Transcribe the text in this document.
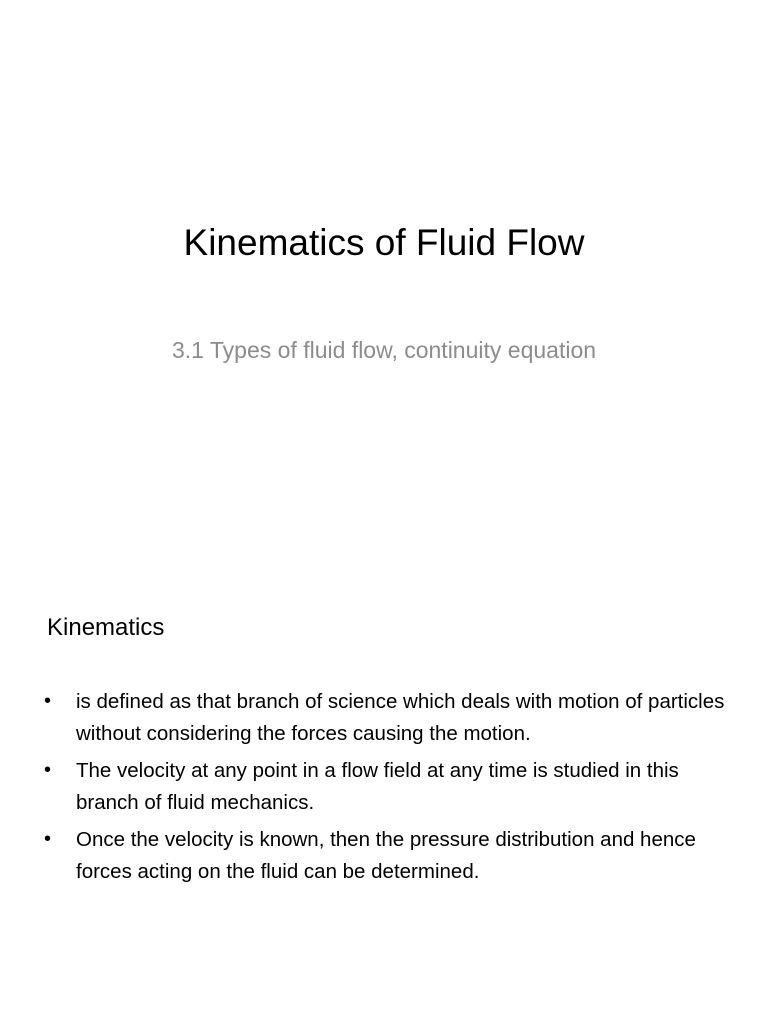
Kinematics of Fluid Flow
3.1 Types of fluid flow, continuity equation
Kinematics
• is defined as that branch of science which deals with motion of particles without considering the forces causing the motion.
• The velocity at any point in a flow field at any time is studied in this branch of fluid mechanics.
• Once the velocity is known, then the pressure distribution and hence forces acting on the fluid can be determined.
